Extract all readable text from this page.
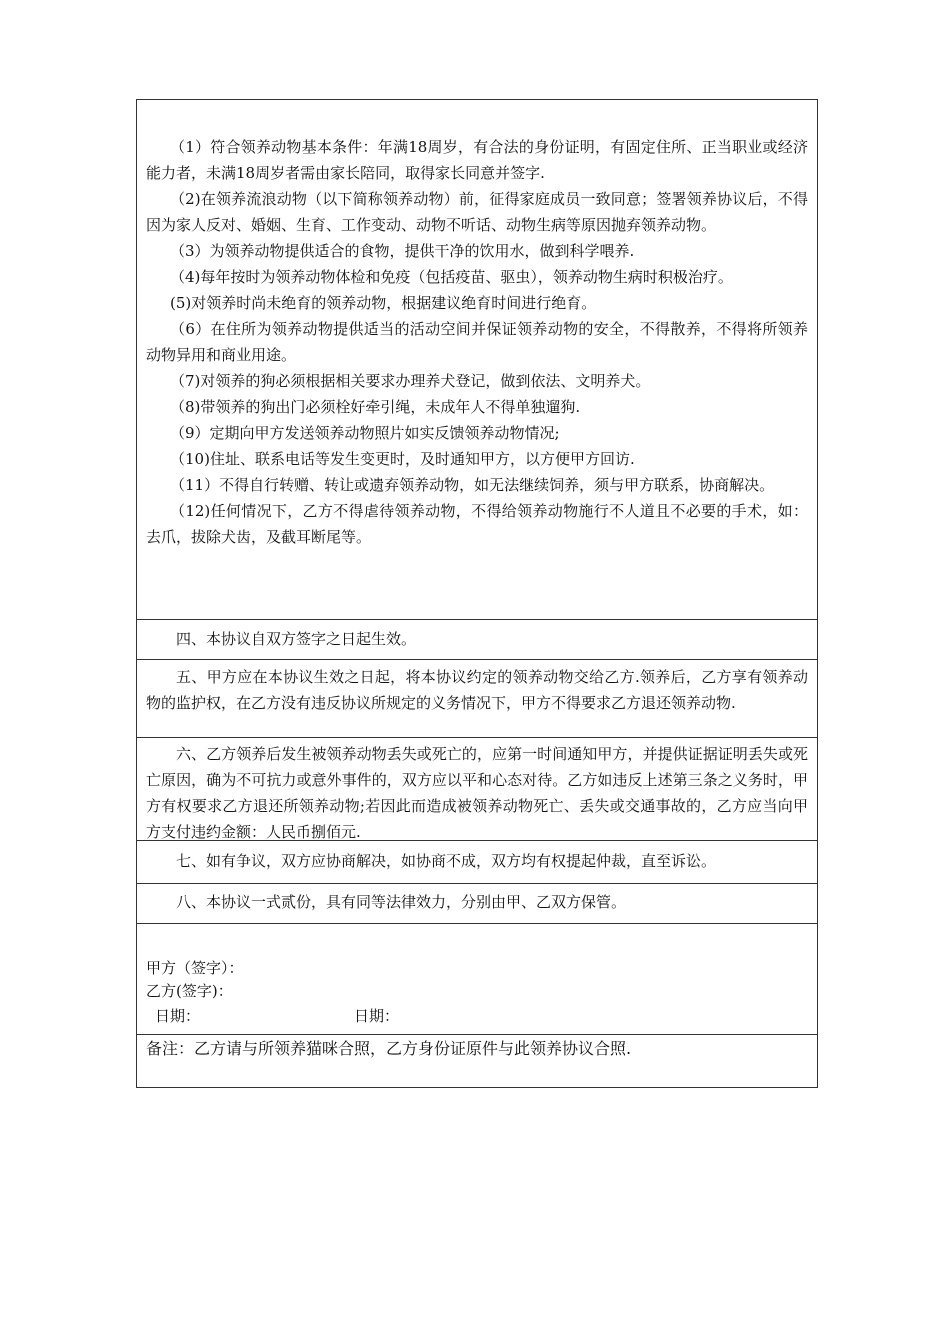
（1）符合领养动物基本条件：年满18周岁，有合法的身份证明，有固定住所、正当职业或经济能力者，未满18周岁者需由家长陪同，取得家长同意并签字.

（2)在领养流浪动物（以下简称领养动物）前，征得家庭成员一致同意；签署领养协议后，不得因为家人反对、婚姻、生育、工作变动、动物不听话、动物生病等原因抛弃领养动物。

（3）为领养动物提供适合的食物，提供干净的饮用水，做到科学喂养.

（4)每年按时为领养动物体检和免疫（包括疫苗、驱虫），领养动物生病时积极治疗。

(5)对领养时尚未绝育的领养动物，根据建议绝育时间进行绝育。

（6）在住所为领养动物提供适当的活动空间并保证领养动物的安全，不得散养，不得将所领养动物异用和商业用途。

（7)对领养的狗必须根据相关要求办理养犬登记，做到依法、文明养犬。

（8)带领养的狗出门必须栓好牵引绳，未成年人不得单独遛狗.

（9）定期向甲方发送领养动物照片如实反馈领养动物情况;

（10)住址、联系电话等发生变更时，及时通知甲方，以方便甲方回访.

（11）不得自行转赠、转让或遗弃领养动物，如无法继续饲养，须与甲方联系，协商解决。

（12)任何情况下，乙方不得虐待领养动物，不得给领养动物施行不人道且不必要的手术，如：去爪，拔除犬齿，及截耳断尾等。

四、本协议自双方签字之日起生效。

五、甲方应在本协议生效之日起，将本协议约定的领养动物交给乙方.领养后，乙方享有领养动物的监护权，在乙方没有违反协议所规定的义务情况下，甲方不得要求乙方退还领养动物.

六、乙方领养后发生被领养动物丢失或死亡的，应第一时间通知甲方，并提供证据证明丢失或死亡原因，确为不可抗力或意外事件的，双方应以平和心态对待。乙方如违反上述第三条之义务时，甲方有权要求乙方退还所领养动物;若因此而造成被领养动物死亡、丢失或交通事故的，乙方应当向甲方支付违约金额：人民币捌佰元.

七、如有争议，双方应协商解决，如协商不成，双方均有权提起仲裁，直至诉讼。

八、本协议一式贰份，具有同等法律效力，分别由甲、乙双方保管。

甲方（签字）：
乙方(签字)：
日期：	日期：

备注：乙方请与所领养猫咪合照，乙方身份证原件与此领养协议合照.
